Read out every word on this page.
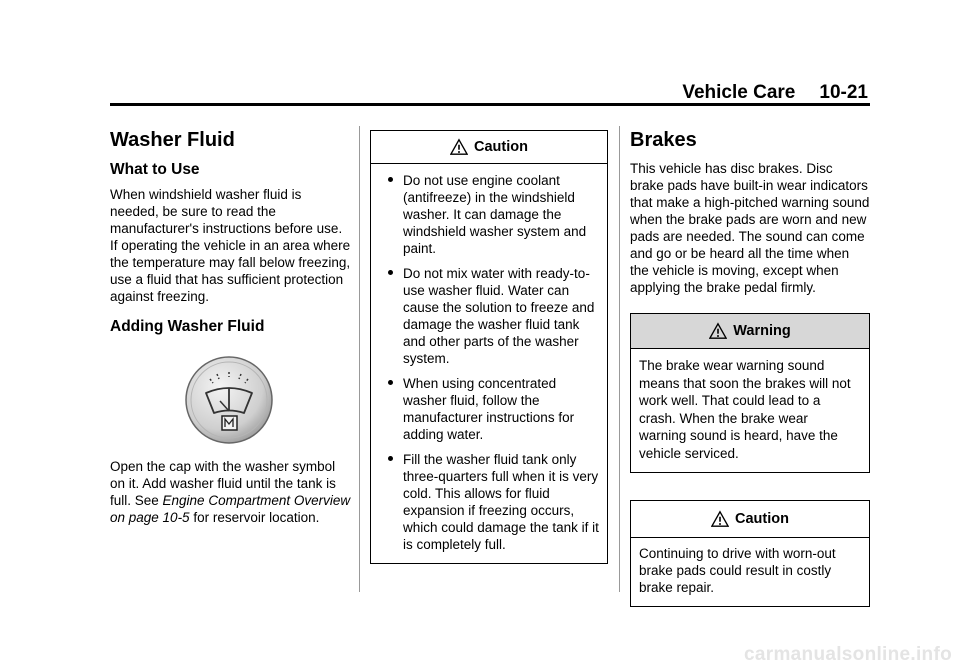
Vehicle Care 10-21
Washer Fluid
What to Use

When windshield washer fluid is needed, be sure to read the manufacturer's instructions before use. If operating the vehicle in an area where the temperature may fall below freezing, use a fluid that has sufficient protection against freezing.

Adding Washer Fluid

Open the cap with the washer symbol on it. Add washer fluid until the tank is full. See Engine Compartment Overview on page 10-5 for reservoir location.

Caution
Do not use engine coolant (antifreeze) in the windshield washer. It can damage the windshield washer system and paint.
Do not mix water with ready-to-use washer fluid. Water can cause the solution to freeze and damage the washer fluid tank and other parts of the washer system.
When using concentrated washer fluid, follow the manufacturer instructions for adding water.
Fill the washer fluid tank only three-quarters full when it is very cold. This allows for fluid expansion if freezing occurs, which could damage the tank if it is completely full.
Brakes

This vehicle has disc brakes. Disc brake pads have built-in wear indicators that make a high-pitched warning sound when the brake pads are worn and new pads are needed. The sound can come and go or be heard all the time when the vehicle is moving, except when applying the brake pedal firmly.

Warning

The brake wear warning sound means that soon the brakes will not work well. That could lead to a crash. When the brake wear warning sound is heard, have the vehicle serviced.

Caution

Continuing to drive with worn-out brake pads could result in costly brake repair.

carmanualsonline.info
